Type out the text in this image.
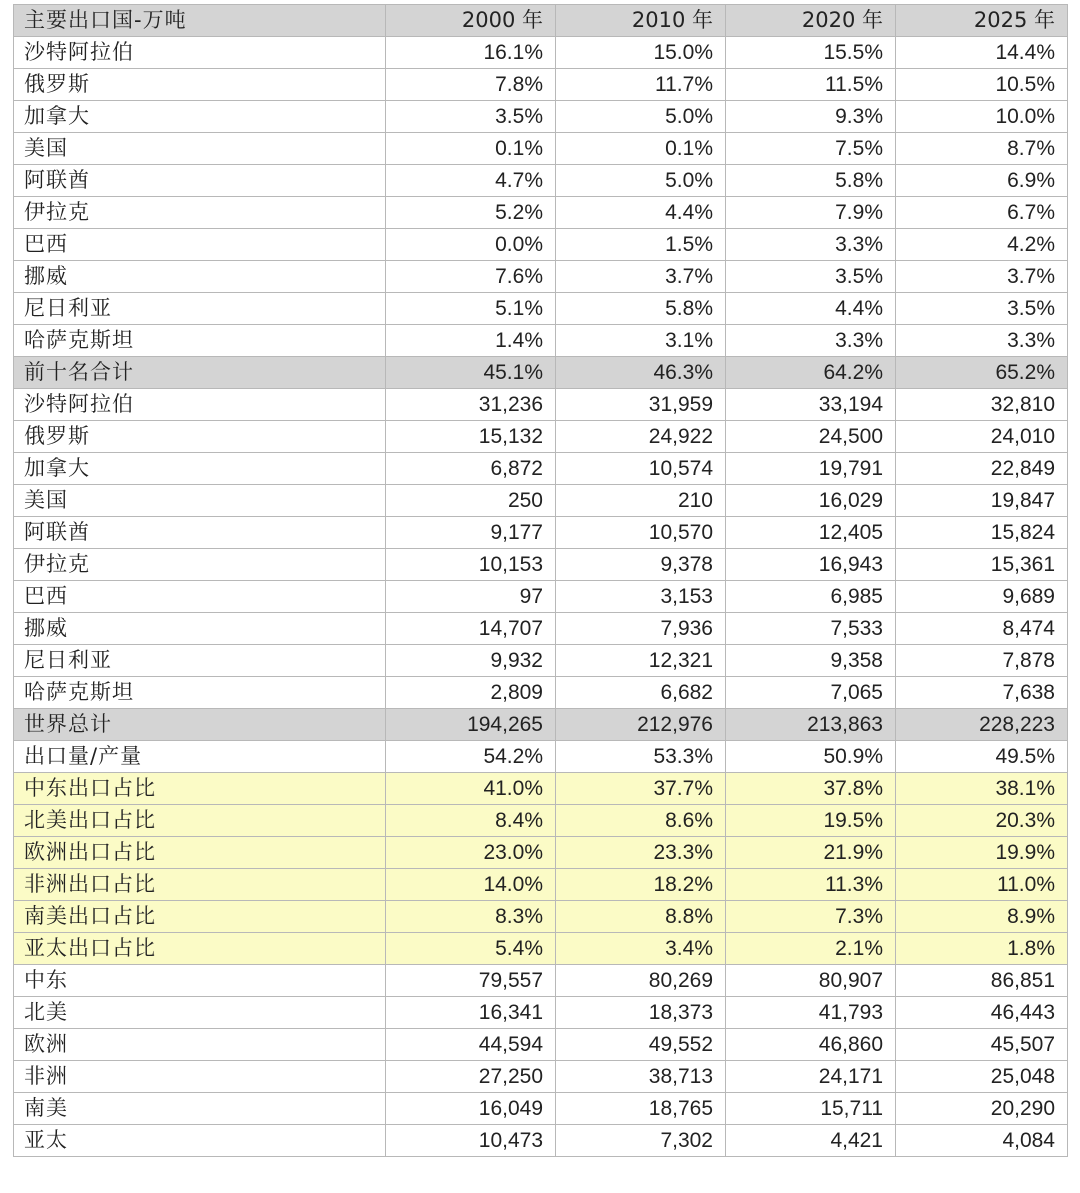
主要出口国-万吨	2000 年	2010 年	2020 年	2025 年
沙特阿拉伯	16.1%	15.0%	15.5%	14.4%
俄罗斯	7.8%	11.7%	11.5%	10.5%
加拿大	3.5%	5.0%	9.3%	10.0%
美国	0.1%	0.1%	7.5%	8.7%
阿联酋	4.7%	5.0%	5.8%	6.9%
伊拉克	5.2%	4.4%	7.9%	6.7%
巴西	0.0%	1.5%	3.3%	4.2%
挪威	7.6%	3.7%	3.5%	3.7%
尼日利亚	5.1%	5.8%	4.4%	3.5%
哈萨克斯坦	1.4%	3.1%	3.3%	3.3%
前十名合计	45.1%	46.3%	64.2%	65.2%
沙特阿拉伯	31,236	31,959	33,194	32,810
俄罗斯	15,132	24,922	24,500	24,010
加拿大	6,872	10,574	19,791	22,849
美国	250	210	16,029	19,847
阿联酋	9,177	10,570	12,405	15,824
伊拉克	10,153	9,378	16,943	15,361
巴西	97	3,153	6,985	9,689
挪威	14,707	7,936	7,533	8,474
尼日利亚	9,932	12,321	9,358	7,878
哈萨克斯坦	2,809	6,682	7,065	7,638
世界总计	194,265	212,976	213,863	228,223
出口量/产量	54.2%	53.3%	50.9%	49.5%
中东出口占比	41.0%	37.7%	37.8%	38.1%
北美出口占比	8.4%	8.6%	19.5%	20.3%
欧洲出口占比	23.0%	23.3%	21.9%	19.9%
非洲出口占比	14.0%	18.2%	11.3%	11.0%
南美出口占比	8.3%	8.8%	7.3%	8.9%
亚太出口占比	5.4%	3.4%	2.1%	1.8%
中东	79,557	80,269	80,907	86,851
北美	16,341	18,373	41,793	46,443
欧洲	44,594	49,552	46,860	45,507
非洲	27,250	38,713	24,171	25,048
南美	16,049	18,765	15,711	20,290
亚太	10,473	7,302	4,421	4,084
